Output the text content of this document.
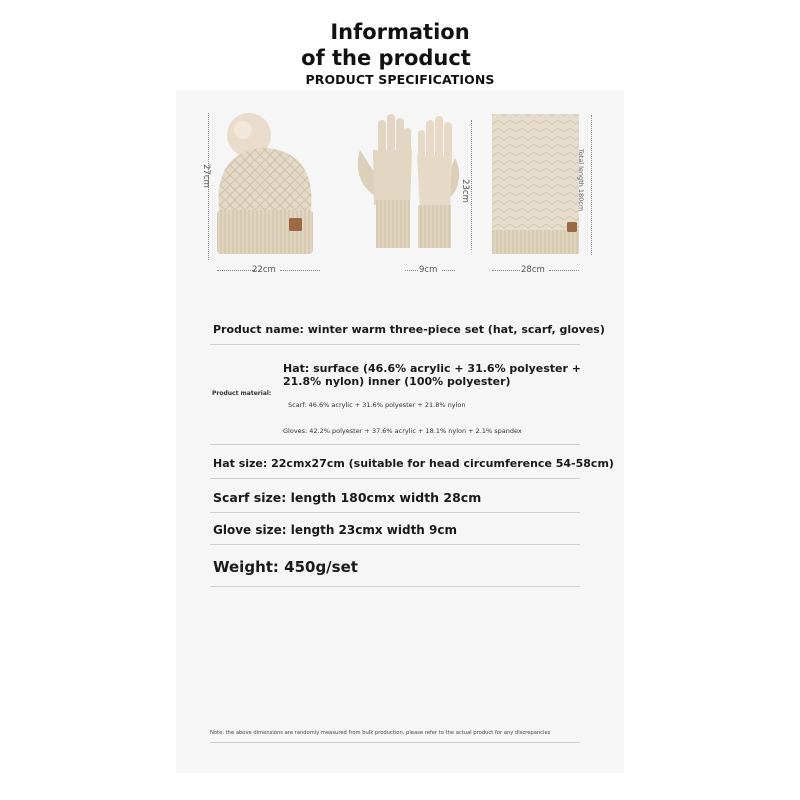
Information
of the product
PRODUCT SPECIFICATIONS
27cm
22cm
23cm
9cm
Total length 180cm
28cm
Product name: winter warm three-piece set (hat, scarf, gloves)
Product material:
Hat: surface (46.6% acrylic + 31.6% polyester +
21.8% nylon) inner (100% polyester)
Scarf: 46.6% acrylic + 31.6% polyester + 21.8% nylon
Gloves: 42.2% polyester + 37.6% acrylic + 18.1% nylon + 2.1% spandex
Hat size: 22cmx27cm (suitable for head circumference 54-58cm)
Scarf size: length 180cmx width 28cm
Glove size: length 23cmx width 9cm
Weight: 450g/set
Note: the above dimensions are randomly measured from bulk production, please refer to the actual product for any discrepancies
